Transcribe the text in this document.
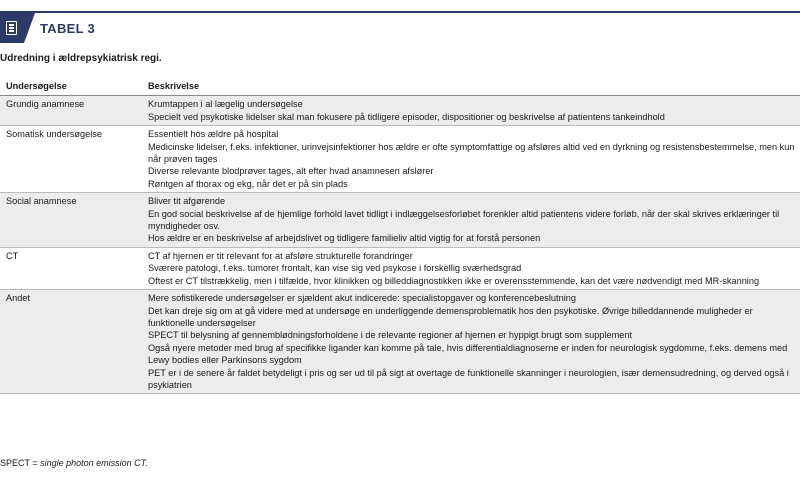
TABEL 3
Udredning i ældrepsykiatrisk regi.
Undersøgelse	Beskrivelse
Grundig anamnese	Krumtappen i al lægelig undersøgelse
Specielt ved psykotiske lidelser skal man fokusere på tidligere episoder, dispositioner og beskrivelse af patientens tankeindhold

Somatisk undersøgelse	Essentielt hos ældre på hospital
Medicinske lidelser, f.eks. infektioner, urinvejsinfektioner hos ældre er ofte symptomfattige og afsløres altid ved en dyrkning og resistensbestemmelse, men kun når prøven tages
Diverse relevante blodprøver tages, alt efter hvad anamnesen afslører
Røntgen af thorax og ekg, når det er på sin plads

Social anamnese	Bliver tit afgørende
En god social beskrivelse af de hjemlige forhold lavet tidligt i indlæggelsesforløbet forenkler altid patientens videre forløb, når der skal skrives erklæringer til myndigheder osv.
Hos ældre er en beskrivelse af arbejdslivet og tidligere familieliv altid vigtig for at forstå personen

CT	CT af hjernen er tit relevant for at afsløre strukturelle forandringer
Sværere patologi, f.eks. tumorer frontalt, kan vise sig ved psykose i forskellig sværhedsgrad
Oftest er CT tilstrækkelig, men i tilfælde, hvor klinikken og billeddiagnostikken ikke er overensstemmende, kan det være nødvendigt med MR-skanning

Andet	Mere sofistikerede undersøgelser er sjældent akut indicerede: specialistopgaver og konferencebeslutning
Det kan dreje sig om at gå videre med at undersøge en underliggende demensproblematik hos den psykotiske. Øvrige billeddannende muligheder er funktionelle undersøgelser
SPECT til belysning af gennemblødningsforholdene i de relevante regioner af hjernen er hyppigt brugt som supplement
Også nyere metoder med brug af specifikke ligander kan komme på tale, hvis differentialdiagnoserne er inden for neurologisk sygdomme, f.eks. demens med Lewy bodies eller Parkinsons sygdom
PET er i de senere år faldet betydeligt i pris og ser ud til på sigt at overtage de funktionelle skanninger i neurologien, især demensudredning, og derved også i psykiatrien
SPECT = single photon emission CT.
